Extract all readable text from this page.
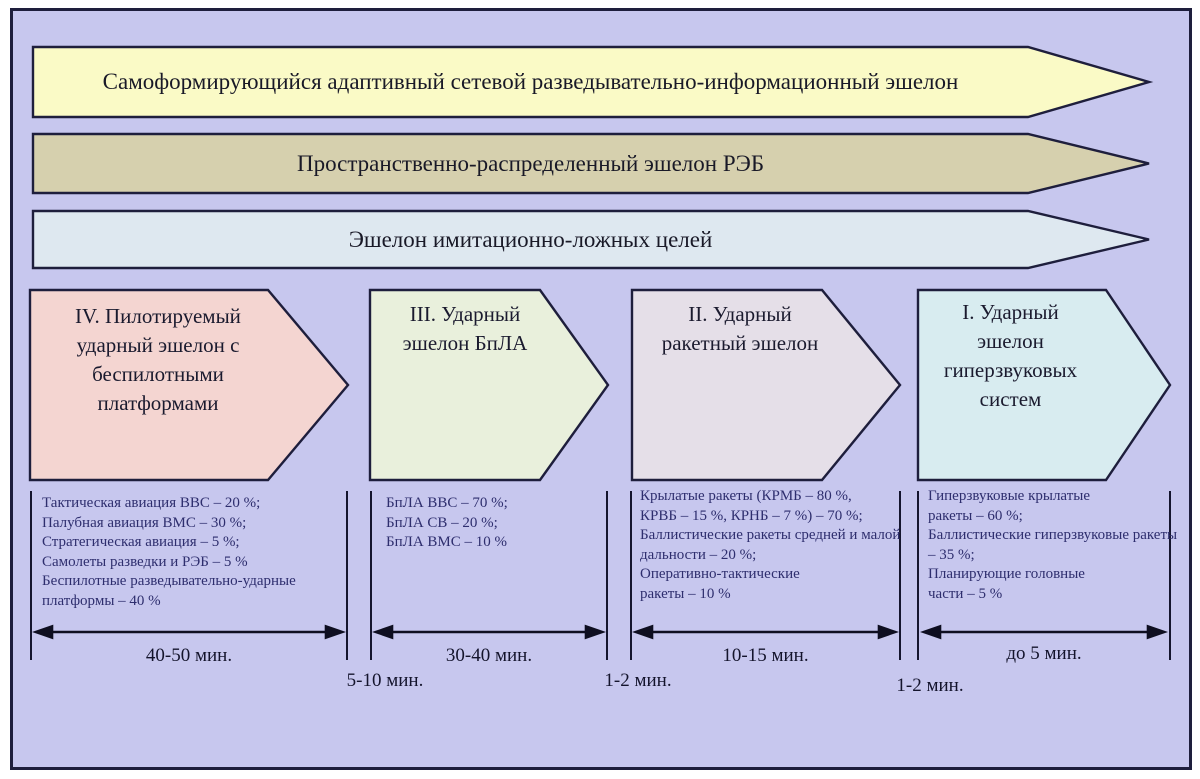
Самоформирующийся адаптивный сетевой разведывательно-информационный эшелон
Пространственно-распределенный эшелон РЭБ
Эшелон имитационно-ложных целей
IV. Пилотируемый
ударный эшелон с
беспилотными
платформами
Тактическая авиация ВВС – 20 %;
Палубная авиация ВМС – 30 %;
Стратегическая авиация – 5 %;
Самолеты разведки и РЭБ – 5 %
Беспилотные разведывательно-ударные
платформы – 40 %
40-50 мин.
5-10 мин.
III. Ударный
эшелон БпЛА
БпЛА ВВС – 70 %;
БпЛА СВ – 20 %;
БпЛА ВМС – 10 %
30-40 мин.
1-2 мин.
II. Ударный
ракетный эшелон
Крылатые ракеты (КРМБ – 80 %,
КРВБ – 15 %, КРНБ – 7 %) – 70 %;
Баллистические ракеты средней и малой
дальности – 20 %;
Оперативно-тактические
ракеты – 10 %
10-15 мин.
1-2 мин.
I. Ударный
эшелон
гиперзвуковых
систем
Гиперзвуковые крылатые
ракеты – 60 %;
Баллистические гиперзвуковые ракеты
– 35 %;
Планирующие головные
части – 5 %
до 5 мин.
